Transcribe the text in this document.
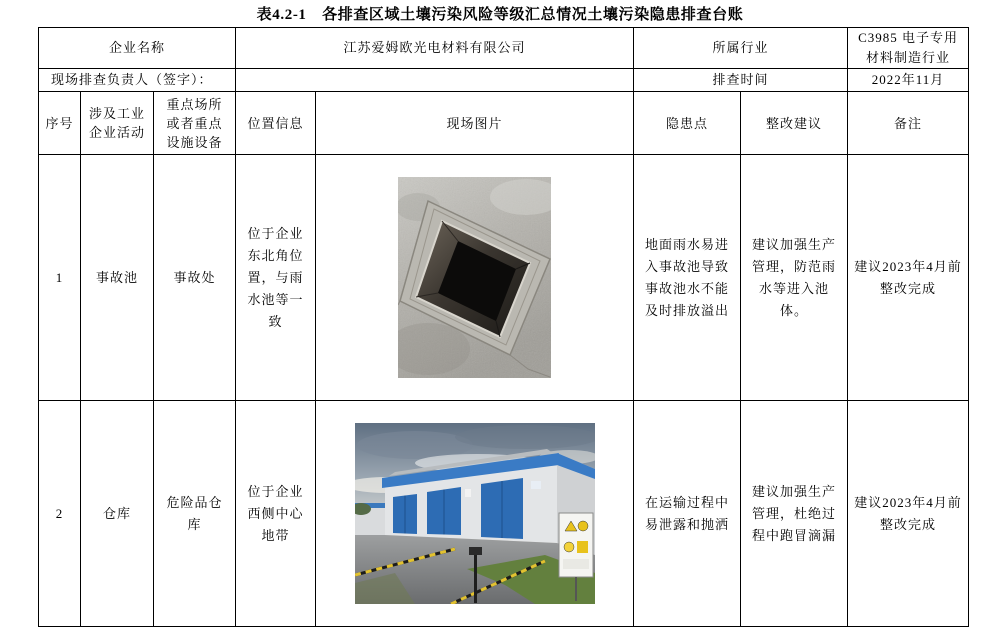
表4.2-1　各排查区域土壤污染风险等级汇总情况土壤污染隐患排查台账
企业名称			江苏爱姆欧光电材料有限公司		所属行业		C3985 电子专用
材料制造行业
现场排查负责人（签字）：					排查时间		2022年11月
序号	涉及工业
企业活动	重点场所
或者重点
设施设备	位置信息	现场图片	隐患点	整改建议	备注
1	事故池	事故处	位于企业
东北角位
置，与雨
水池等一
致		地面雨水易进
入事故池导致
事故池水不能
及时排放溢出	建议加强生产
管理，防范雨
水等进入池
体。	建议2023年4月前
整改完成
2	仓库	危险品仓
库	位于企业
西侧中心
地带		在运输过程中
易泄露和抛洒	建议加强生产
管理，杜绝过
程中跑冒滴漏	建议2023年4月前
整改完成
